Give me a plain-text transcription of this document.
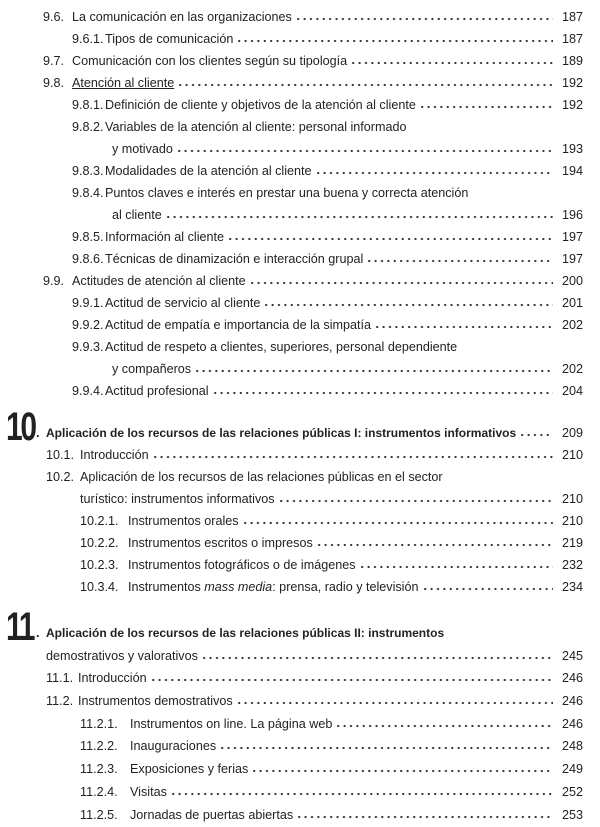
9.6. La comunicación en las organizaciones	187
9.6.1. Tipos de comunicación	187
9.7. Comunicación con los clientes según su tipología	189
9.8. Atención al cliente	192
9.8.1. Definición de cliente y objetivos de la atención al cliente	192
9.8.2. Variables de la atención al cliente: personal informado
y motivado	193
9.8.3. Modalidades de la atención al cliente	194
9.8.4. Puntos claves e interés en prestar una buena y correcta atención
al cliente	196
9.8.5. Información al cliente	197
9.8.6. Técnicas de dinamización e interacción grupal	197
9.9. Actitudes de atención al cliente	200
9.9.1. Actitud de servicio al cliente	201
9.9.2. Actitud de empatía e importancia de la simpatía	202
9.9.3. Actitud de respeto a clientes, superiores, personal dependiente
y compañeros	202
9.9.4. Actitud profesional	204
10 . Aplicación de los recursos de las relaciones públicas I: instrumentos informativos	209
10.1. Introducción	210
10.2. Aplicación de los recursos de las relaciones públicas en el sector
turístico: instrumentos informativos	210
10.2.1. Instrumentos orales	210
10.2.2. Instrumentos escritos o impresos	219
10.2.3. Instrumentos fotográficos o de imágenes	232
10.3.4. Instrumentos mass media: prensa, radio y televisión	234
11 . Aplicación de los recursos de las relaciones públicas II: instrumentos
demostrativos y valorativos	245
11.1. Introducción	246
11.2. Instrumentos demostrativos	246
11.2.1. Instrumentos on line. La página web	246
11.2.2. Inauguraciones	248
11.2.3. Exposiciones y ferias	249
11.2.4. Visitas	252
11.2.5. Jornadas de puertas abiertas	253
